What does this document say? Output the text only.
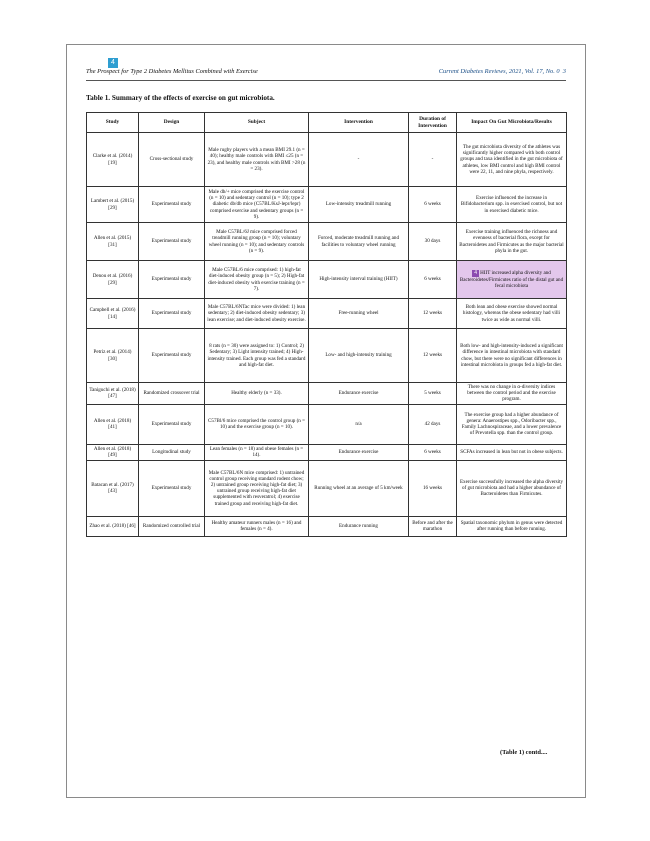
4
The Prospect for Type 2 Diabetes Mellitus Combined with Exercise	Current Diabetes Reviews, 2021, Vol. 17, No. 0 3
Table 1. Summary of the effects of exercise on gut microbiota.
Study	Design	Subject	Intervention	Duration of Intervention	Impact On Gut Microbiota/Results
Clarke et al. (2014) [19]	Cross-sectional study	Male rugby players with a mean BMI 29.1 (n = 40); healthy male controls with BMI ≤25 (n = 23), and healthy male controls with BMI >28 (n = 23).	-	-	The gut microbiota diversity of the athletes was significantly higher compared with both control groups and taxa identified in the gut microbiota of athletes, low BMI control and high BMI control were 22, 11, and nine phyla, respectively.
Lambert et al. (2015) [29]	Experimental study	Male db/+ mice comprised the exercise control (n = 10) and sedentary control (n = 10); type 2 diabetic db/db mice (C57BL/KsJ-lepr/lepr) comprised exercise and sedentary groups (n = 9).	Low-intensity treadmill running	6 weeks	Exercise influenced the increase in Bifidobacterium spp. in exercised control, but not in exercised diabetic mice.
Allen et al. (2015) [31]	Experimental study	Male C57BL/6J mice comprised forced treadmill running group (n = 10); voluntary wheel running (n = 10); and sedentary controls (n = 9).	Forced, moderate treadmill running and facilities to voluntary wheel running	30 days	Exercise training influenced the richness and evenness of bacterial flora, except for Bacteroidetes and Firmicutes as the major bacterial phyla in the gut.
Denou et al. (2016) [29]	Experimental study	Male C57BL/6 mice comprised: 1) high-fat diet-induced obesity group (n = 5); 2) High-fat diet-induced obesity with exercise training (n = 7).	High-intensity interval training (HIIT)	6 weeks	4 HIIT increased alpha diversity and Bacteroidetes/Firmicutes ratio of the distal gut and fecal microbiota
Campbell et al. (2016) [14]	Experimental study	Male C57BL/6NTac mice were divided: 1) lean sedentary; 2) diet-induced obesity sedentary; 3) lean exercise; and diet-induced obesity exercise.	Free-running wheel	12 weeks	Both lean and obese exercise showed normal histology, whereas the obese sedentary had villi twice as wide as normal villi.
Petriz et al. (2014) [30]	Experimental study	8 rats (n = 30) were assigned to: 1) Control; 2) Sedentary; 3) Light intensity trained; 4) High-intensity trained. Each group was fed a standard and high-fat diet.	Low- and high-intensity training	12 weeks	Both low- and high-intensity-induced a significant difference in intestinal microbiota with standard chow, but there were no significant differences in intestinal microbiota in groups fed a high-fat diet.
Taniguchi et al. (2018) [47]	Randomized crossover trial	Healthy elderly (n = 33).	Endurance exercise	5 weeks	There was no change in α-diversity indices between the control period and the exercise program.
Allen et al. (2018) [41]	Experimental study	C57Bl/6 mice comprised the control group (n = 10) and the exercise group (n = 10).	n/a	42 days	The exercise group had a higher abundance of genera: Anaerostipes spp., Odoribacter spp., Family Lachnospiraceae, and a lower prevalence of Prevotella spp. than the control group.
Allen et al. (2018) [49]	Longitudinal study	Lean females (n = 18) and obese females (n = 14).	Endurance exercise	6 weeks	SCFAs increased in lean but not in obese subjects.
Batacan et al. (2017) [43]	Experimental study	Male C57BL/6N mice comprised: 1) untrained control group receiving standard rodent chow; 2) untrained group receiving high-fat diet; 3) untrained group receiving high-fat diet supplemented with resveratrol; 4) exercise trained group and receiving high-fat diet.	Running wheel at an average of 5 km/week	16 weeks	Exercise successfully increased the alpha diversity of gut microbiota and had a higher abundance of Bacteroidetes than Firmicutes.
Zhao et al. (2018) [46]	Randomized controlled trial	Healthy amateur runners males (n = 16) and females (n = 4).	Endurance running	Before and after the marathon	Spatial taxonomic phylum in genus were detected after running than before running.
(Table 1) contd....
